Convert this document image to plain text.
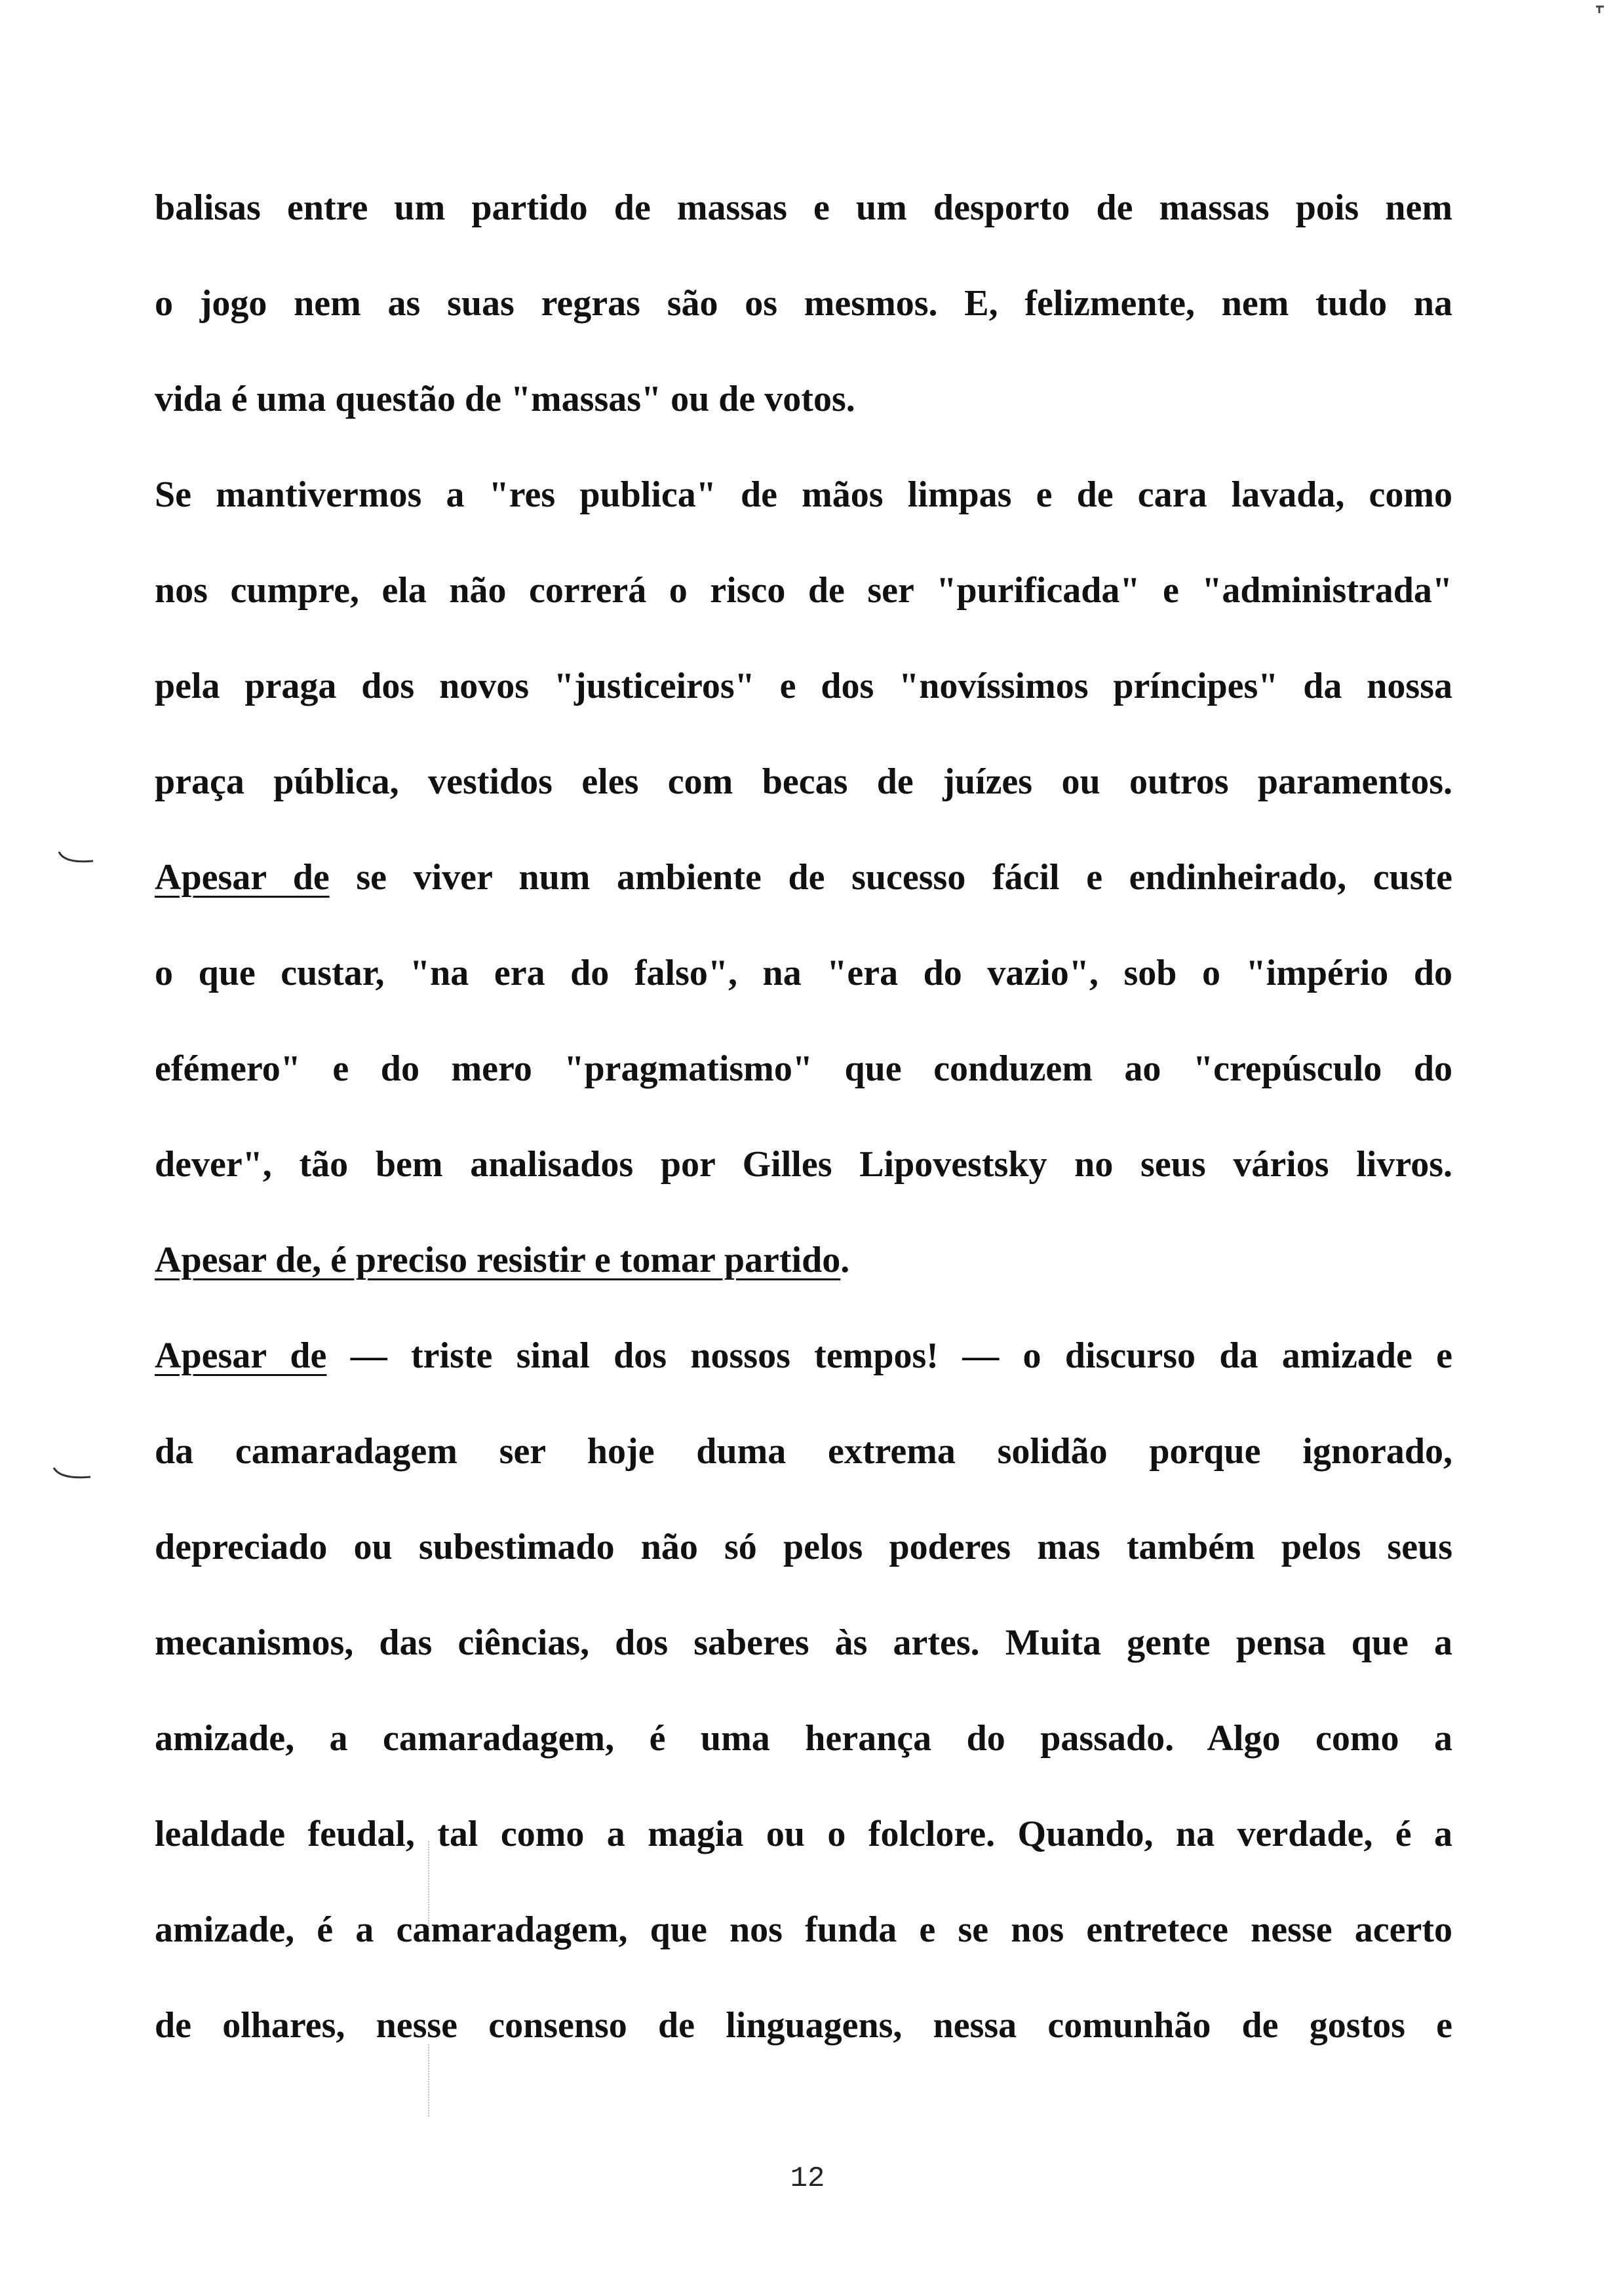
balisas entre um partido de massas e um desporto de massas pois nem
o jogo nem as suas regras são os mesmos. E, felizmente, nem tudo na
vida é uma questão de "massas" ou de votos.
Se mantivermos a "res publica" de mãos limpas e de cara lavada, como
nos cumpre, ela não correrá o risco de ser "purificada" e "administrada"
pela praga dos novos "justiceiros" e dos "novíssimos príncipes" da nossa
praça pública, vestidos eles com becas de juízes ou outros paramentos.
Apesar de se viver num ambiente de sucesso fácil e endinheirado, custe
o que custar, "na era do falso", na "era do vazio", sob o "império do
efémero" e do mero "pragmatismo" que conduzem ao "crepúsculo do
dever", tão bem analisados por Gilles Lipovestsky no seus vários livros.
Apesar de, é preciso resistir e tomar partido.
Apesar de — triste sinal dos nossos tempos! — o discurso da amizade e
da camaradagem ser hoje duma extrema solidão porque ignorado,
depreciado ou subestimado não só pelos poderes mas também pelos seus
mecanismos, das ciências, dos saberes às artes. Muita gente pensa que a
amizade, a camaradagem, é uma herança do passado. Algo como a
lealdade feudal, tal como a magia ou o folclore. Quando, na verdade, é a
amizade, é a camaradagem, que nos funda e se nos entretece nesse acerto
de olhares, nesse consenso de linguagens, nessa comunhão de gostos e
12
